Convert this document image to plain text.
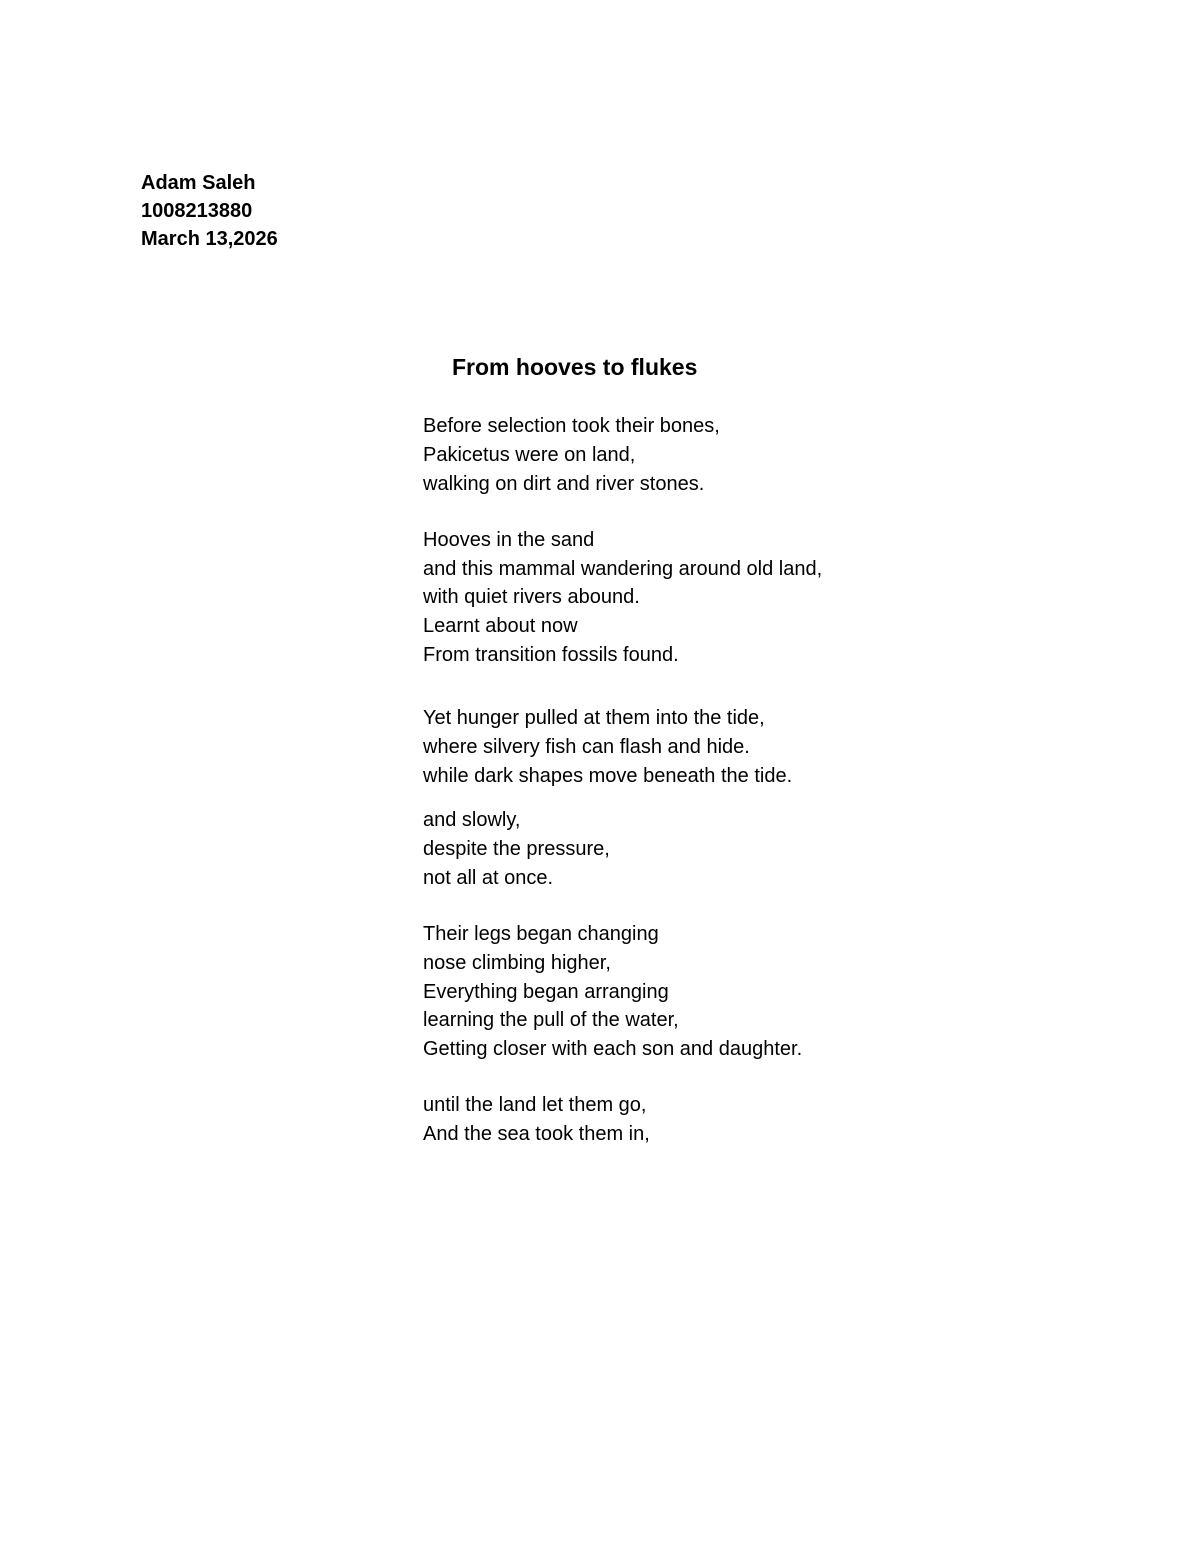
Adam Saleh
1008213880
March 13,2026
From hooves to flukes
Before selection took their bones,
Pakicetus were on land,
walking on dirt and river stones.
Hooves in the sand
and this mammal wandering around old land,
with quiet rivers abound.
Learnt about now
From transition fossils found.
Yet hunger pulled at them into the tide,
where silvery fish can flash and hide.
while dark shapes move beneath the tide.
and slowly,
despite the pressure,
not all at once.
Their legs began changing
nose climbing higher,
Everything began arranging
learning the pull of the water,
Getting closer with each son and daughter.
until the land let them go,
And the sea took them in,
